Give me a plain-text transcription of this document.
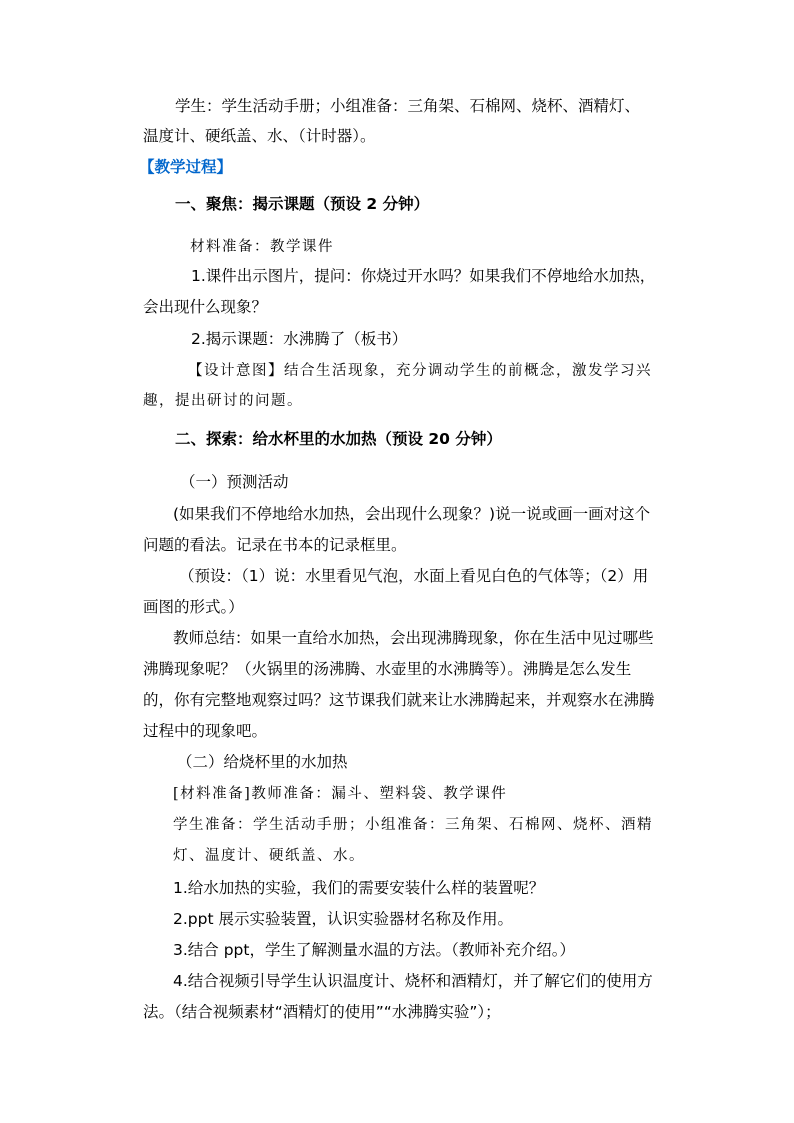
学生：学生活动手册；小组准备：三角架、石棉网、烧杯、酒精灯、
温度计、硬纸盖、水、（计时器）。
【教学过程】
一、聚焦：揭示课题（预设 2 分钟）
材料准备：教学课件
1.课件出示图片，提问：你烧过开水吗？如果我们不停地给水加热，
会出现什么现象？
2.揭示课题：水沸腾了（板书）
【设计意图】结合生活现象，充分调动学生的前概念，激发学习兴
趣，提出研讨的问题。
二、探索：给水杯里的水加热（预设 20 分钟）
（一）预测活动
(如果我们不停地给水加热，会出现什么现象？)说一说或画一画对这个
问题的看法。记录在书本的记录框里。
（预设：（1）说：水里看见气泡，水面上看见白色的气体等；（2）用
画图的形式。）
教师总结：如果一直给水加热，会出现沸腾现象，你在生活中见过哪些
沸腾现象呢？（火锅里的汤沸腾、水壶里的水沸腾等）。沸腾是怎么发生
的，你有完整地观察过吗？这节课我们就来让水沸腾起来，并观察水在沸腾
过程中的现象吧。
（二）给烧杯里的水加热
[材料准备]教师准备：漏斗、塑料袋、教学课件
学生准备：学生活动手册；小组准备：三角架、石棉网、烧杯、酒精
灯、温度计、硬纸盖、水。
1.给水加热的实验，我们的需要安装什么样的装置呢？
2.ppt 展示实验装置，认识实验器材名称及作用。
3.结合 ppt，学生了解测量水温的方法。（教师补充介绍。）
4.结合视频引导学生认识温度计、烧杯和酒精灯，并了解它们的使用方
法。（结合视频素材“酒精灯的使用”“水沸腾实验”）；
